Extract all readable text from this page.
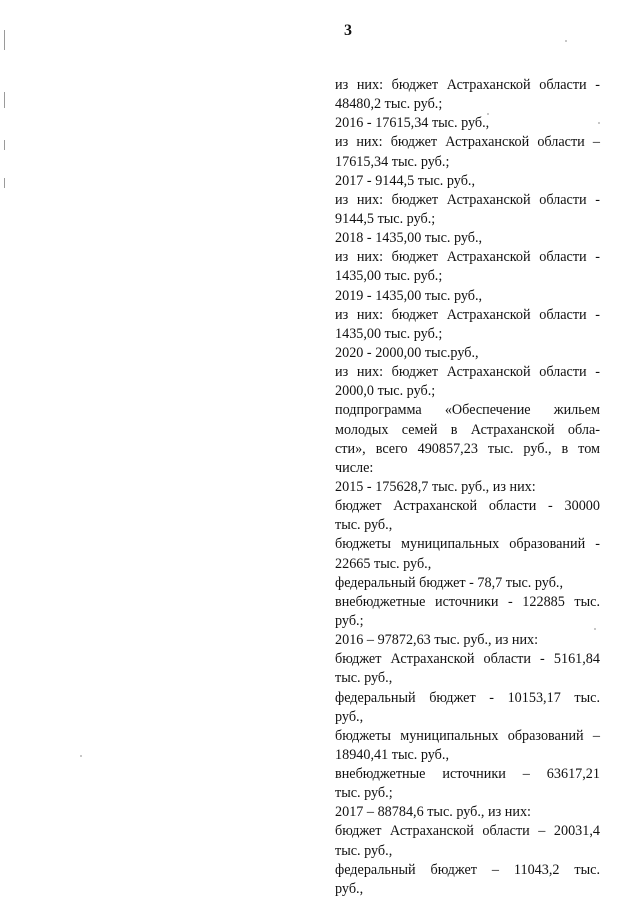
3
из них: бюджет Астраханской области -
48480,2 тыс. руб.;
2016 - 17615,34 тыс. руб.,
из них: бюджет Астраханской области –
17615,34 тыс. руб.;
2017 - 9144,5 тыс. руб.,
из них: бюджет Астраханской области -
9144,5 тыс. руб.;
2018 - 1435,00 тыс. руб.,
из них: бюджет Астраханской области -
1435,00 тыс. руб.;
2019 - 1435,00 тыс. руб.,
из них: бюджет Астраханской области -
1435,00 тыс. руб.;
2020 - 2000,00 тыс.руб.,
из них: бюджет Астраханской области -
2000,0 тыс. руб.;
подпрограмма «Обеспечение жильем
молодых семей в Астраханской обла-
сти», всего 490857,23 тыс. руб., в том
числе:
2015 - 175628,7 тыс. руб., из них:
бюджет Астраханской области - 30000
тыс. руб.,
бюджеты муниципальных образований -
22665 тыс. руб.,
федеральный бюджет - 78,7 тыс. руб.,
внебюджетные источники - 122885 тыс.
руб.;
2016 – 97872,63 тыс. руб., из них:
бюджет Астраханской области - 5161,84
тыс. руб.,
федеральный бюджет - 10153,17 тыс.
руб.,
бюджеты муниципальных образований –
18940,41 тыс. руб.,
внебюджетные источники – 63617,21
тыс. руб.;
2017 – 88784,6 тыс. руб., из них:
бюджет Астраханской области – 20031,4
тыс. руб.,
федеральный бюджет – 11043,2 тыс.
руб.,
